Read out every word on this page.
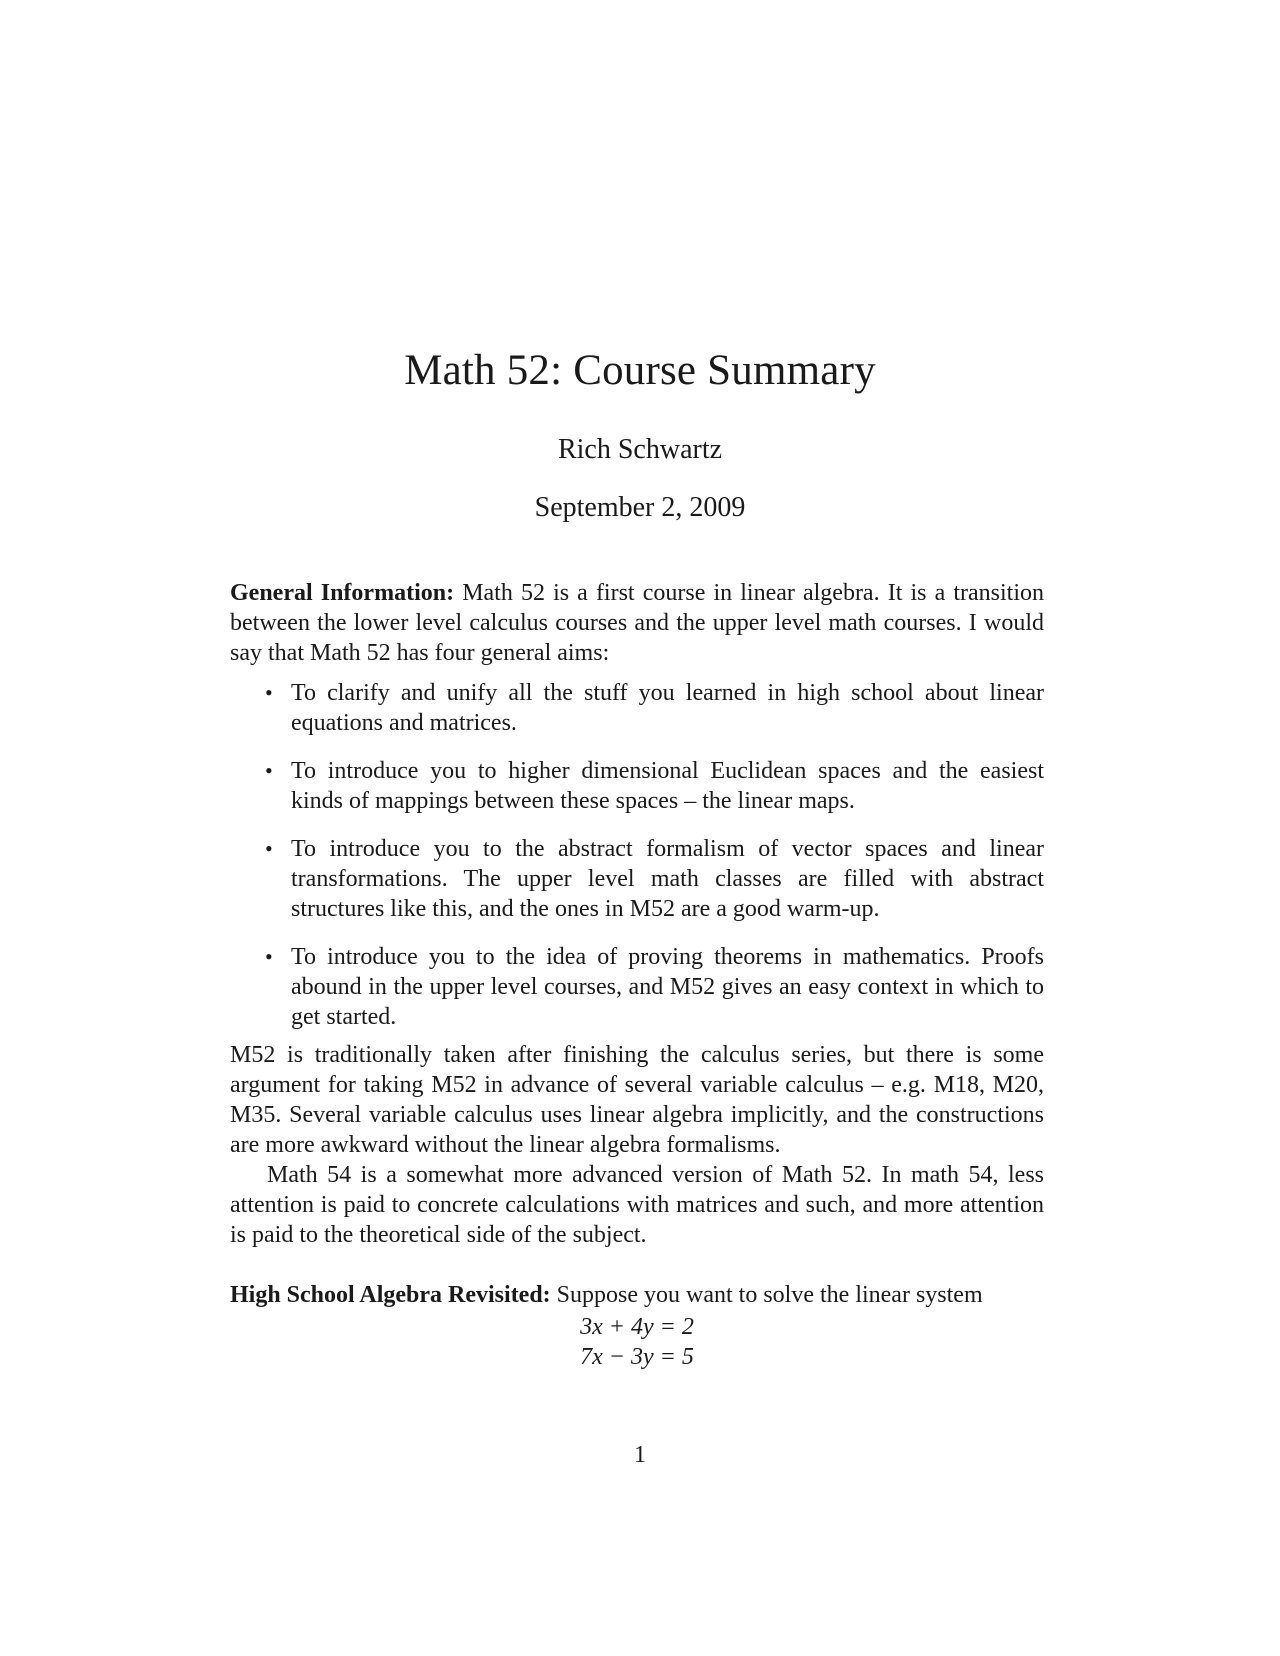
Math 52: Course Summary
Rich Schwartz
September 2, 2009

General Information: Math 52 is a first course in linear algebra. It is a transition between the lower level calculus courses and the upper level math courses. I would say that Math 52 has four general aims:

• To clarify and unify all the stuff you learned in high school about linear equations and matrices.
• To introduce you to higher dimensional Euclidean spaces and the easiest kinds of mappings between these spaces – the linear maps.
• To introduce you to the abstract formalism of vector spaces and linear transformations. The upper level math classes are filled with abstract structures like this, and the ones in M52 are a good warm-up.
• To introduce you to the idea of proving theorems in mathematics. Proofs abound in the upper level courses, and M52 gives an easy context in which to get started.

M52 is traditionally taken after finishing the calculus series, but there is some argument for taking M52 in advance of several variable calculus – e.g. M18, M20, M35. Several variable calculus uses linear algebra implicitly, and the constructions are more awkward without the linear algebra formalisms.

Math 54 is a somewhat more advanced version of Math 52. In math 54, less attention is paid to concrete calculations with matrices and such, and more attention is paid to the theoretical side of the subject.

High School Algebra Revisited: Suppose you want to solve the linear system

3x + 4y = 2
7x − 3y = 5
1
